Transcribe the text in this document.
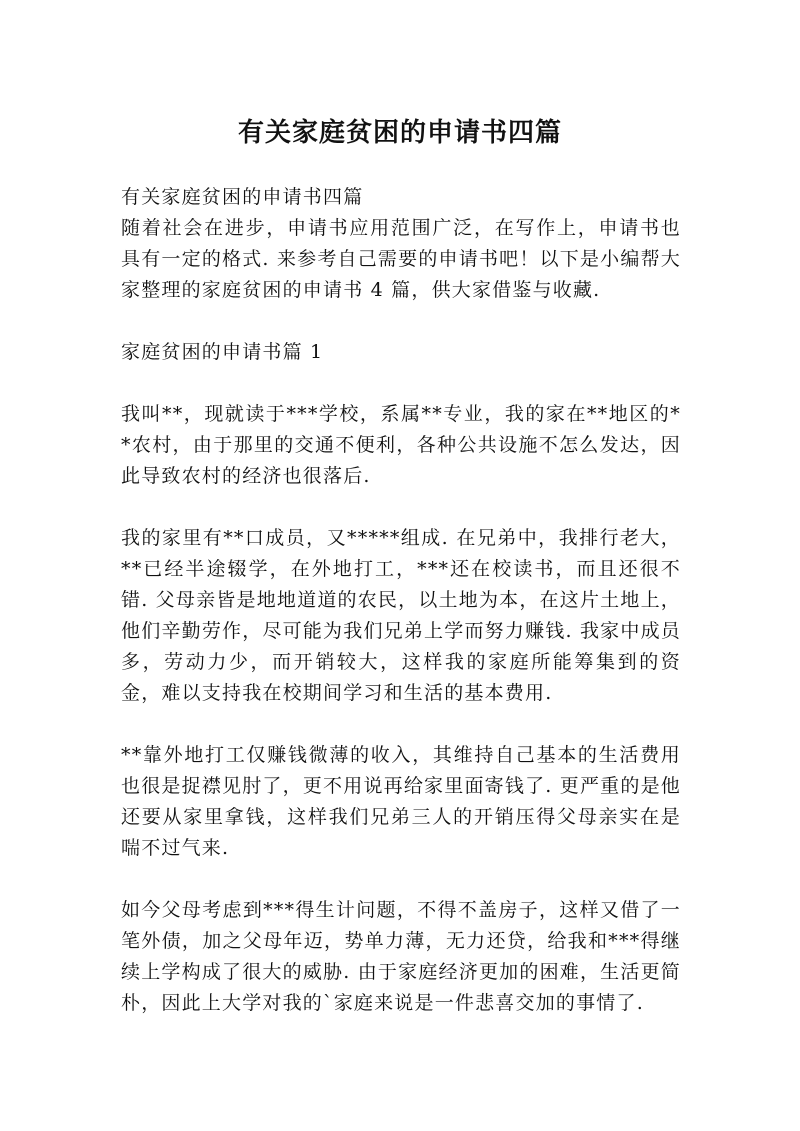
有关家庭贫困的申请书四篇

有关家庭贫困的申请书四篇

随着社会在进步，申请书应用范围广泛，在写作上，申请书也具有一定的格式. 来参考自己需要的申请书吧！以下是小编帮大家整理的家庭贫困的申请书 4 篇，供大家借鉴与收藏.

家庭贫困的申请书篇 1

我叫**，现就读于***学校，系属**专业，我的家在**地区的**农村，由于那里的交通不便利，各种公共设施不怎么发达，因此导致农村的经济也很落后.

我的家里有**口成员，又*****组成. 在兄弟中，我排行老大，**已经半途辍学，在外地打工，***还在校读书，而且还很不错. 父母亲皆是地地道道的农民，以土地为本，在这片土地上，他们辛勤劳作，尽可能为我们兄弟上学而努力赚钱. 我家中成员多，劳动力少，而开销较大，这样我的家庭所能筹集到的资金，难以支持我在校期间学习和生活的基本费用.

**靠外地打工仅赚钱微薄的收入，其维持自己基本的生活费用也很是捉襟见肘了，更不用说再给家里面寄钱了. 更严重的是他还要从家里拿钱，这样我们兄弟三人的开销压得父母亲实在是喘不过气来.

如今父母考虑到***得生计问题，不得不盖房子，这样又借了一笔外债，加之父母年迈，势单力薄，无力还贷，给我和***得继续上学构成了很大的威胁. 由于家庭经济更加的困难，生活更简朴，因此上大学对我的`家庭来说是一件悲喜交加的事情了.
